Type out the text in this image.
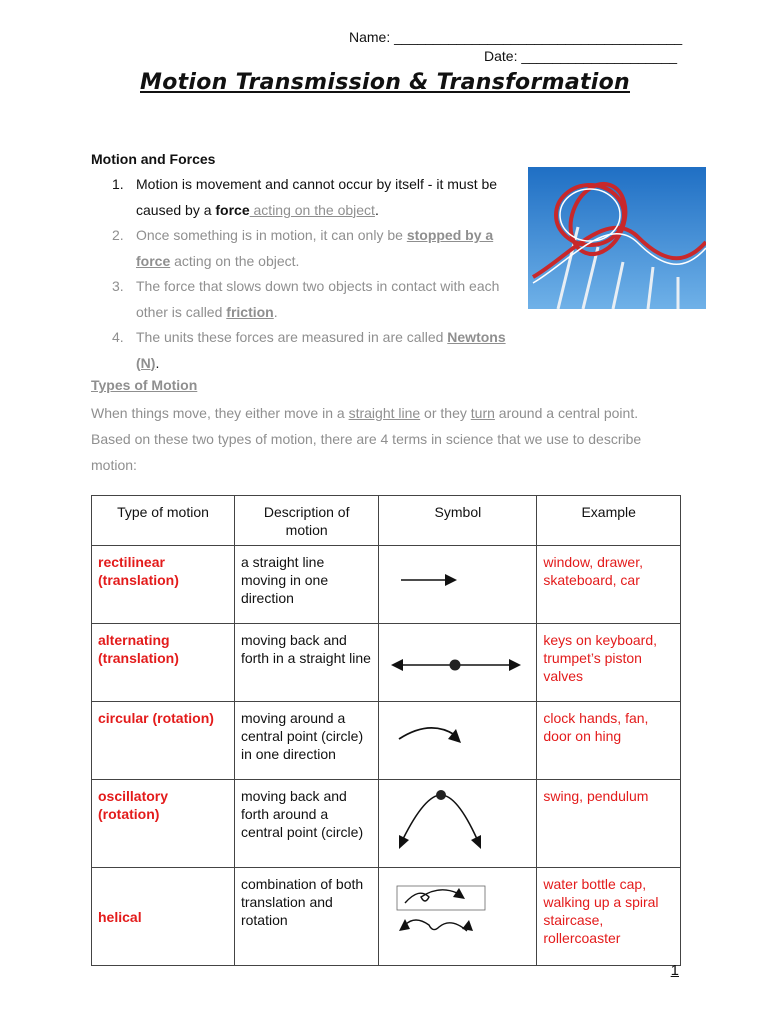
Name: _____________________________________
Date: ____________________
Motion Transmission & Transformation
Motion and Forces
1. Motion is movement and cannot occur by itself - it must be caused by a force acting on the object.
2. Once something is in motion, it can only be stopped by a force acting on the object.
3. The force that slows down two objects in contact with each other is called friction.
4. The units these forces are measured in are called Newtons (N).
Types of Motion
When things move, they either move in a straight line or they turn around a central point. Based on these two types of motion, there are 4 terms in science that we use to describe motion:
Type of motion	Description of motion	Symbol	Example
rectilinear (translation)	a straight line moving in one direction		window, drawer, skateboard, car
alternating (translation)	moving back and forth in a straight line		keys on keyboard, trumpet’s piston valves
circular (rotation)	moving around a central point (circle) in one direction		clock hands, fan, door on hing
oscillatory (rotation)	moving back and forth around a central point (circle)		swing, pendulum
helical	combination of both translation and rotation		water bottle cap, walking up a spiral staircase, rollercoaster
1
